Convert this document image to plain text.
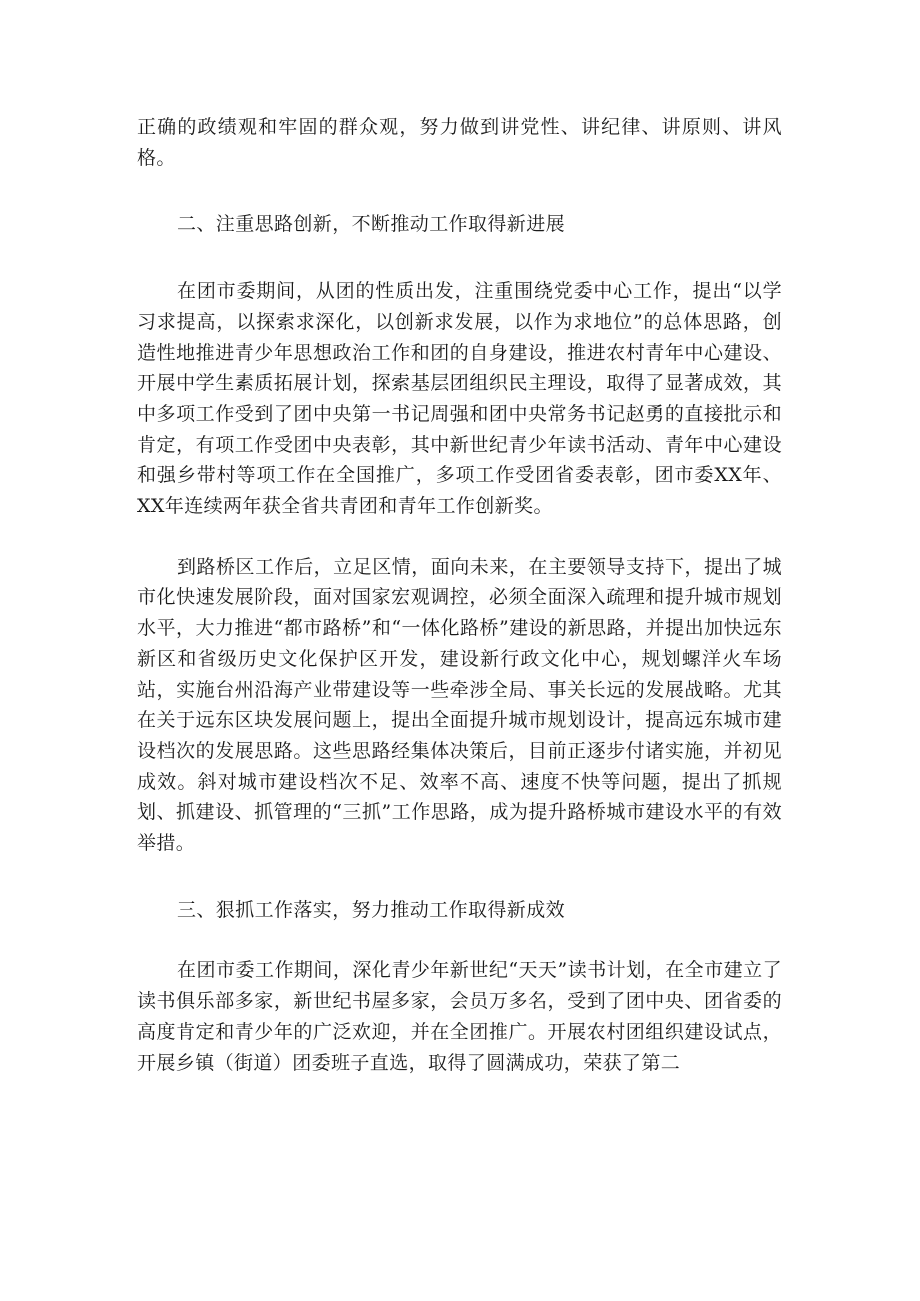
正确的政绩观和牢固的群众观，努力做到讲党性、讲纪律、讲原则、讲风格。

二、注重思路创新，不断推动工作取得新进展

在团市委期间，从团的性质出发，注重围绕党委中心工作，提出“以学习求提高，以探索求深化，以创新求发展，以作为求地位”的总体思路，创造性地推进青少年思想政治工作和团的自身建设，推进农村青年中心建设、开展中学生素质拓展计划，探索基层团组织民主理设，取得了显著成效，其中多项工作受到了团中央第一书记周强和团中央常务书记赵勇的直接批示和肯定，有项工作受团中央表彰，其中新世纪青少年读书活动、青年中心建设和强乡带村等项工作在全国推广，多项工作受团省委表彰，团市委XX年、XX年连续两年获全省共青团和青年工作创新奖。

到路桥区工作后，立足区情，面向未来，在主要领导支持下，提出了城市化快速发展阶段，面对国家宏观调控，必须全面深入疏理和提升城市规划水平，大力推进“都市路桥”和“一体化路桥”建设的新思路，并提出加快远东新区和省级历史文化保护区开发，建设新行政文化中心，规划螺洋火车场站，实施台州沿海产业带建设等一些牵涉全局、事关长远的发展战略。尤其在关于远东区块发展问题上，提出全面提升城市规划设计，提高远东城市建设档次的发展思路。这些思路经集体决策后，目前正逐步付诸实施，并初见成效。斜对城市建设档次不足、效率不高、速度不快等问题，提出了抓规划、抓建设、抓管理的“三抓”工作思路，成为提升路桥城市建设水平的有效举措。

三、狠抓工作落实，努力推动工作取得新成效

在团市委工作期间，深化青少年新世纪“天天”读书计划，在全市建立了读书俱乐部多家，新世纪书屋多家，会员万多名，受到了团中央、团省委的高度肯定和青少年的广泛欢迎，并在全团推广。开展农村团组织建设试点，开展乡镇（街道）团委班子直选，取得了圆满成功，荣获了第二
